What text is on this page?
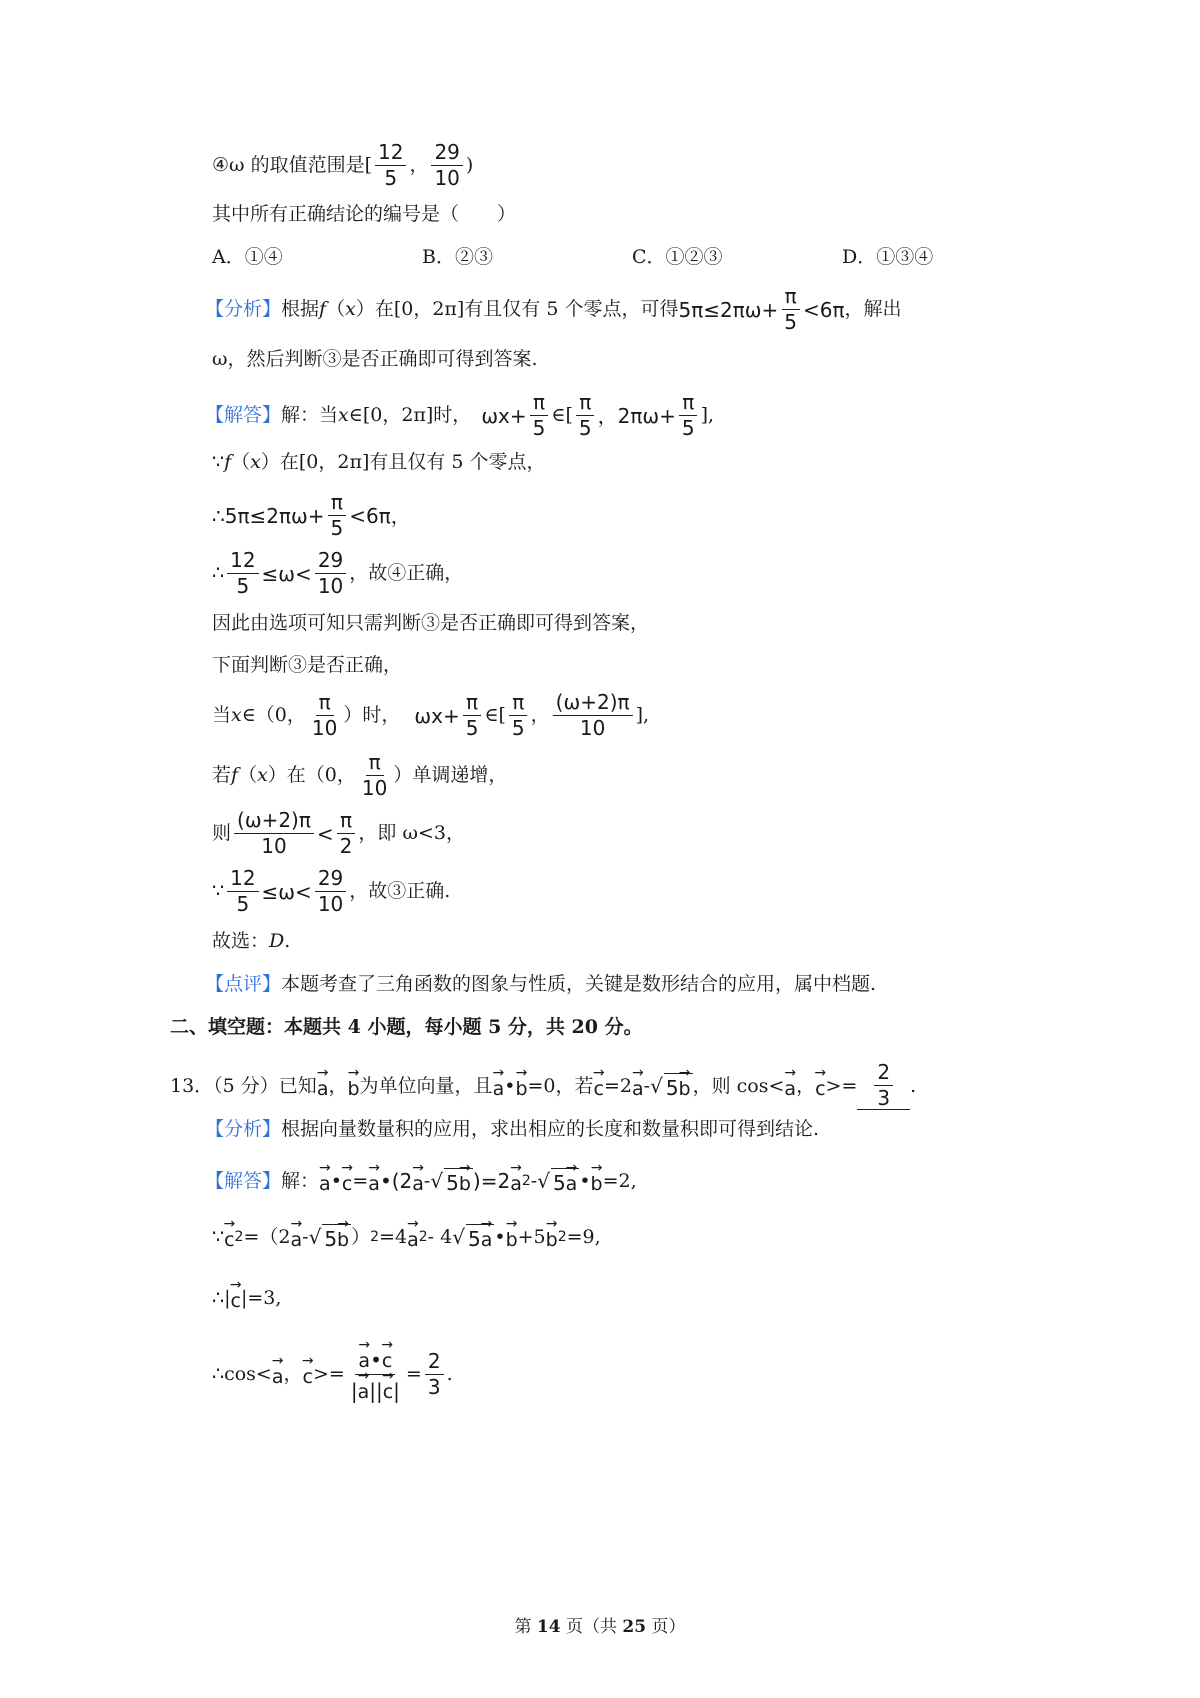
④ω 的取值范围是[ $\frac{12}{5}$ ， $\frac{29}{10}$ )
其中所有正确结论的编号是（　　）
A．①④	B．②③	C．①②③	D．①③④
【分析】 根据 f （ x ）在[0，2π]有且仅有 5 个零点，可得 $5\pi\le 2\pi\omega+ \frac{\pi}{5} <6\pi$ ，解出
ω，然后判断③是否正确即可得到答案.
【解答】 解：当 x ∈[0，2π]时， $\omega x+ \frac{\pi}{5}$ ∈[ $\frac{\pi}{5}$ ，$2\pi\omega+ \frac{\pi}{5}$ ],
∵ f （ x ）在[0，2π]有且仅有 5 个零点，
∴5π≤2πω+ $\frac{\pi}{5} <6\pi$，
∴ $\frac{12}{5} \le\omega< \frac{29}{10}$ ，故④正确，
因此由选项可知只需判断③是否正确即可得到答案，
下面判断③是否正确，
当 x ∈（0， $\frac{\pi}{10}$ ）时， $\omega x+ \frac{\pi}{5}$ ∈[ $\frac{\pi}{5}$ ， $\frac{(\omega+2)\pi}{10}$ ],
若 f （ x ）在（0， $\frac{\pi}{10}$ ）单调递增，
则 $\frac{(\omega+2)\pi}{10} < \frac{\pi}{2}$ ，即 ω<3，
∵ $\frac{12}{5} \le\omega< \frac{29}{10}$ ，故③正确.
故选： D .
【点评】 本题考查了三角函数的图象与性质，关键是数形结合的应用，属中档题.
二、填空题：本题共 4 小题，每小题 5 分，共 20 分。
13．（5 分）已知 → a ， → b 为单位向量，且 → a • → b =0，若 → c =2 → a - √ 5→ b ，则 cos< → a ， → $c >= \frac{2}{3}$ .
【分析】 根据向量数量积的应用，求出相应的长度和数量积即可得到结论.
【解答】 解： → a • → c = → a •(2 → a - √ 5→ b )=2 → a 2 - √ 5→ a • → b =2,
∵ → c 2 =（2 → a - √ 5→ b ） 2 =4 → a 2 - 4 √ 5→ a • → b +5 → b 2 =9,
∴| → c |=3,
∴cos< → a ， → c >= → $\frac{a•\to c}{|\to a||\to c|} = \frac{2}{3}$ .
第 14 页（共 25 页）
